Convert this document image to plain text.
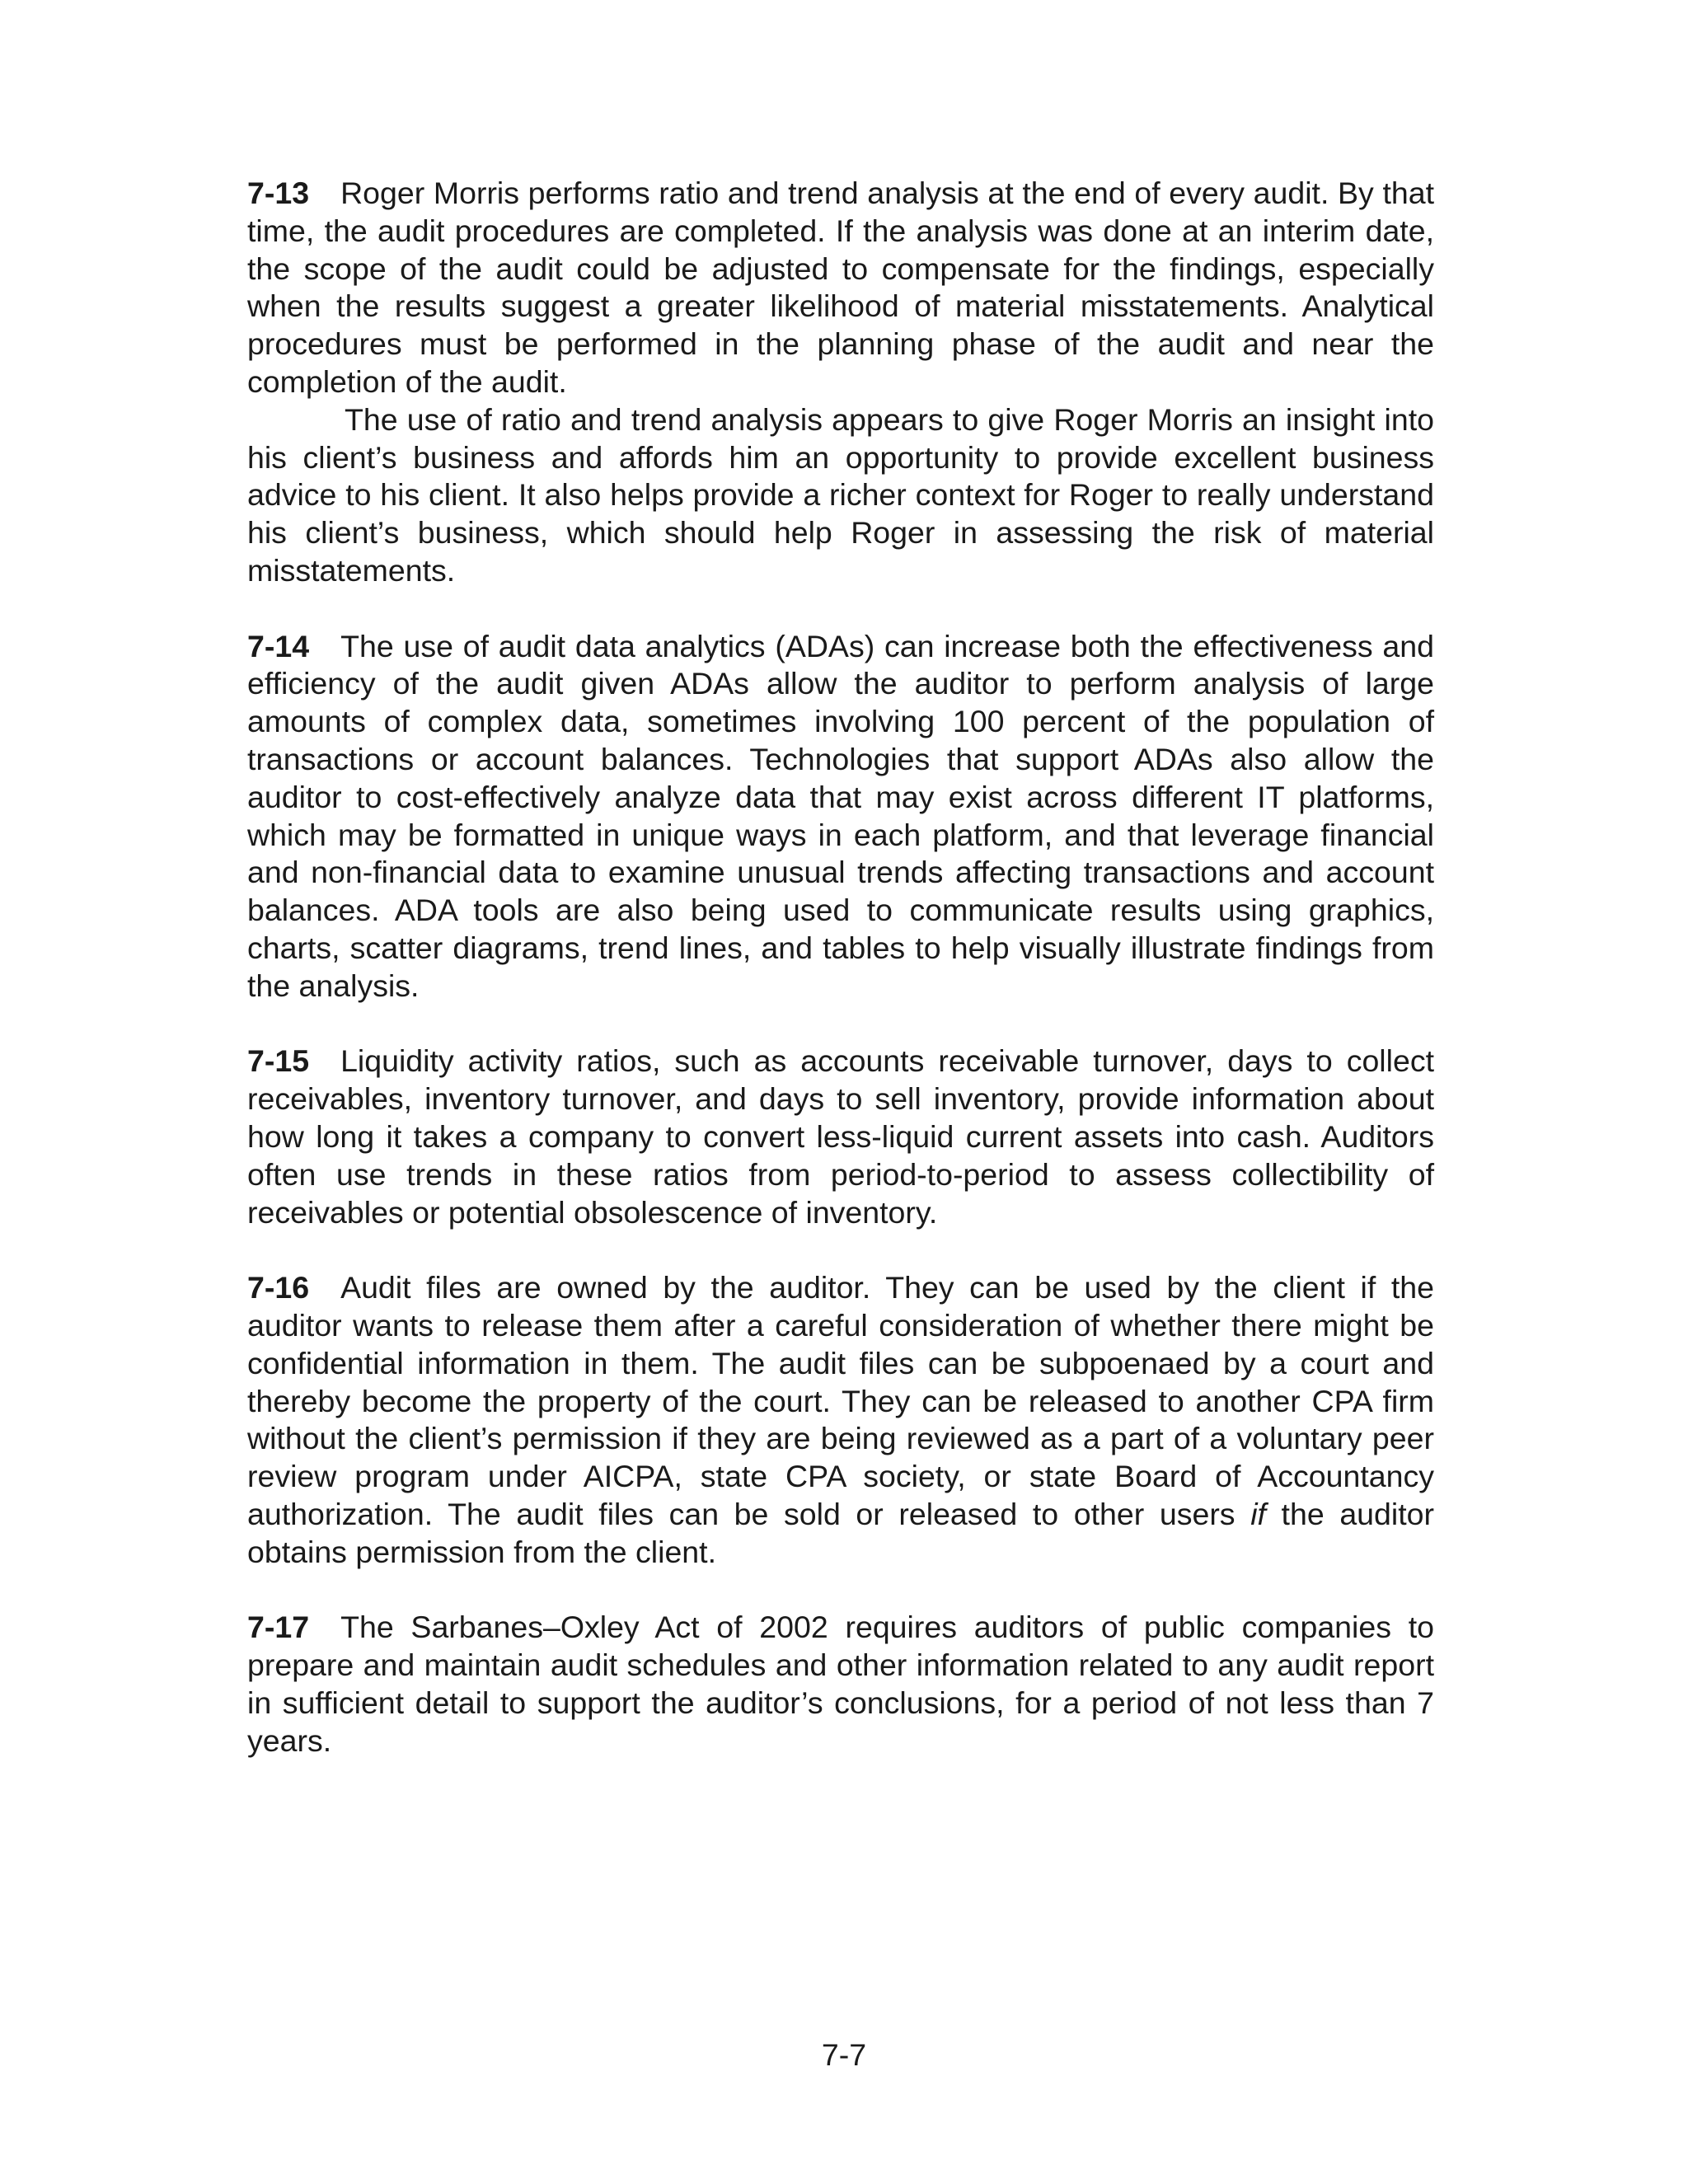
7-13 Roger Morris performs ratio and trend analysis at the end of every audit. By that time, the audit procedures are completed. If the analysis was done at an interim date, the scope of the audit could be adjusted to compensate for the findings, especially when the results suggest a greater likelihood of material misstatements. Analytical procedures must be performed in the planning phase of the audit and near the completion of the audit.

The use of ratio and trend analysis appears to give Roger Morris an insight into his client’s business and affords him an opportunity to provide excellent business advice to his client. It also helps provide a richer context for Roger to really understand his client’s business, which should help Roger in assessing the risk of material misstatements.

7-14 The use of audit data analytics (ADAs) can increase both the effectiveness and efficiency of the audit given ADAs allow the auditor to perform analysis of large amounts of complex data, sometimes involving 100 percent of the population of transactions or account balances. Technologies that support ADAs also allow the auditor to cost-effectively analyze data that may exist across different IT platforms, which may be formatted in unique ways in each platform, and that leverage financial and non-financial data to examine unusual trends affecting transactions and account balances. ADA tools are also being used to communicate results using graphics, charts, scatter diagrams, trend lines, and tables to help visually illustrate findings from the analysis.

7-15 Liquidity activity ratios, such as accounts receivable turnover, days to collect receivables, inventory turnover, and days to sell inventory, provide information about how long it takes a company to convert less-liquid current assets into cash. Auditors often use trends in these ratios from period-to-period to assess collectibility of receivables or potential obsolescence of inventory.

7-16 Audit files are owned by the auditor. They can be used by the client if the auditor wants to release them after a careful consideration of whether there might be confidential information in them. The audit files can be subpoenaed by a court and thereby become the property of the court. They can be released to another CPA firm without the client’s permission if they are being reviewed as a part of a voluntary peer review program under AICPA, state CPA society, or state Board of Accountancy authorization. The audit files can be sold or released to other users if the auditor obtains permission from the client.

7-17 The Sarbanes–Oxley Act of 2002 requires auditors of public companies to prepare and maintain audit schedules and other information related to any audit report in sufficient detail to support the auditor’s conclusions, for a period of not less than 7 years.

7-7
